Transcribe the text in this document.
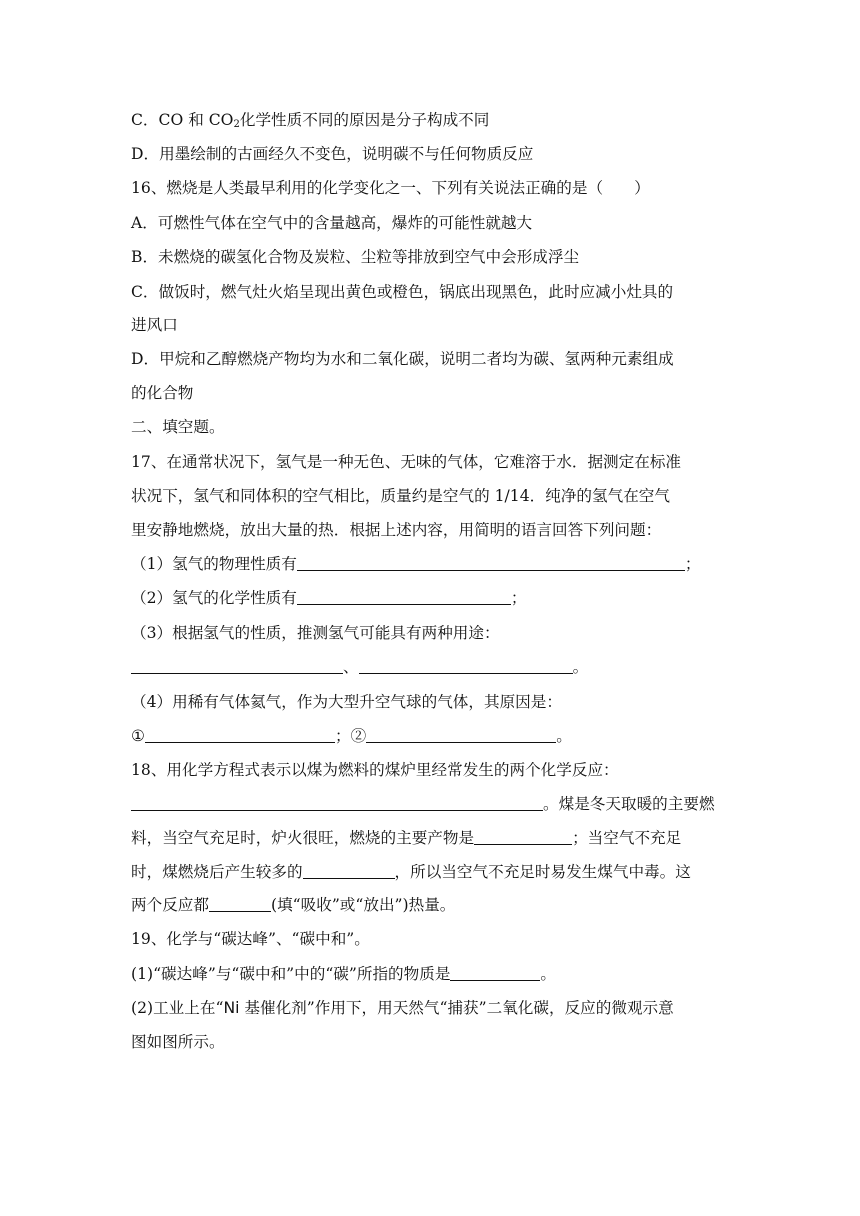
C．CO 和 $CO_2$化学性质不同的原因是分子构成不同
D．用墨绘制的古画经久不变色，说明碳不与任何物质反应
16、燃烧是人类最早利用的化学变化之一、下列有关说法正确的是（　　）
A．可燃性气体在空气中的含量越高，爆炸的可能性就越大
B．未燃烧的碳氢化合物及炭粒、尘粒等排放到空气中会形成浮尘
C．做饭时，燃气灶火焰呈现出黄色或橙色，锅底出现黑色，此时应减小灶具的
进风口
D．甲烷和乙醇燃烧产物均为水和二氧化碳，说明二者均为碳、氢两种元素组成
的化合物
二、填空题。
17、在通常状况下，氢气是一种无色、无味的气体，它难溶于水．据测定在标准
状况下，氢气和同体积的空气相比，质量约是空气的 1/14．纯净的氢气在空气
里安静地燃烧，放出大量的热．根据上述内容，用简明的语言回答下列问题：
（1）氢气的物理性质有	；
（2）氢气的化学性质有	；
（3）根据氢气的性质，推测氢气可能具有两种用途：
、	。
（4）用稀有气体氦气，作为大型升空气球的气体，其原因是：
①	；②	。
18、用化学方程式表示以煤为燃料的煤炉里经常发生的两个化学反应：
。煤是冬天取暖的主要燃
料，当空气充足时，炉火很旺，燃烧的主要产物是	；当空气不充足
时，煤燃烧后产生较多的	，所以当空气不充足时易发生煤气中毒。这
两个反应都	(填“吸收”或“放出”)热量。
19、化学与“碳达峰”、“碳中和”。
(1)“碳达峰”与“碳中和”中的“碳”所指的物质是	。
(2)工业上在“Ni 基催化剂”作用下，用天然气“捕获”二氧化碳，反应的微观示意
图如图所示。
